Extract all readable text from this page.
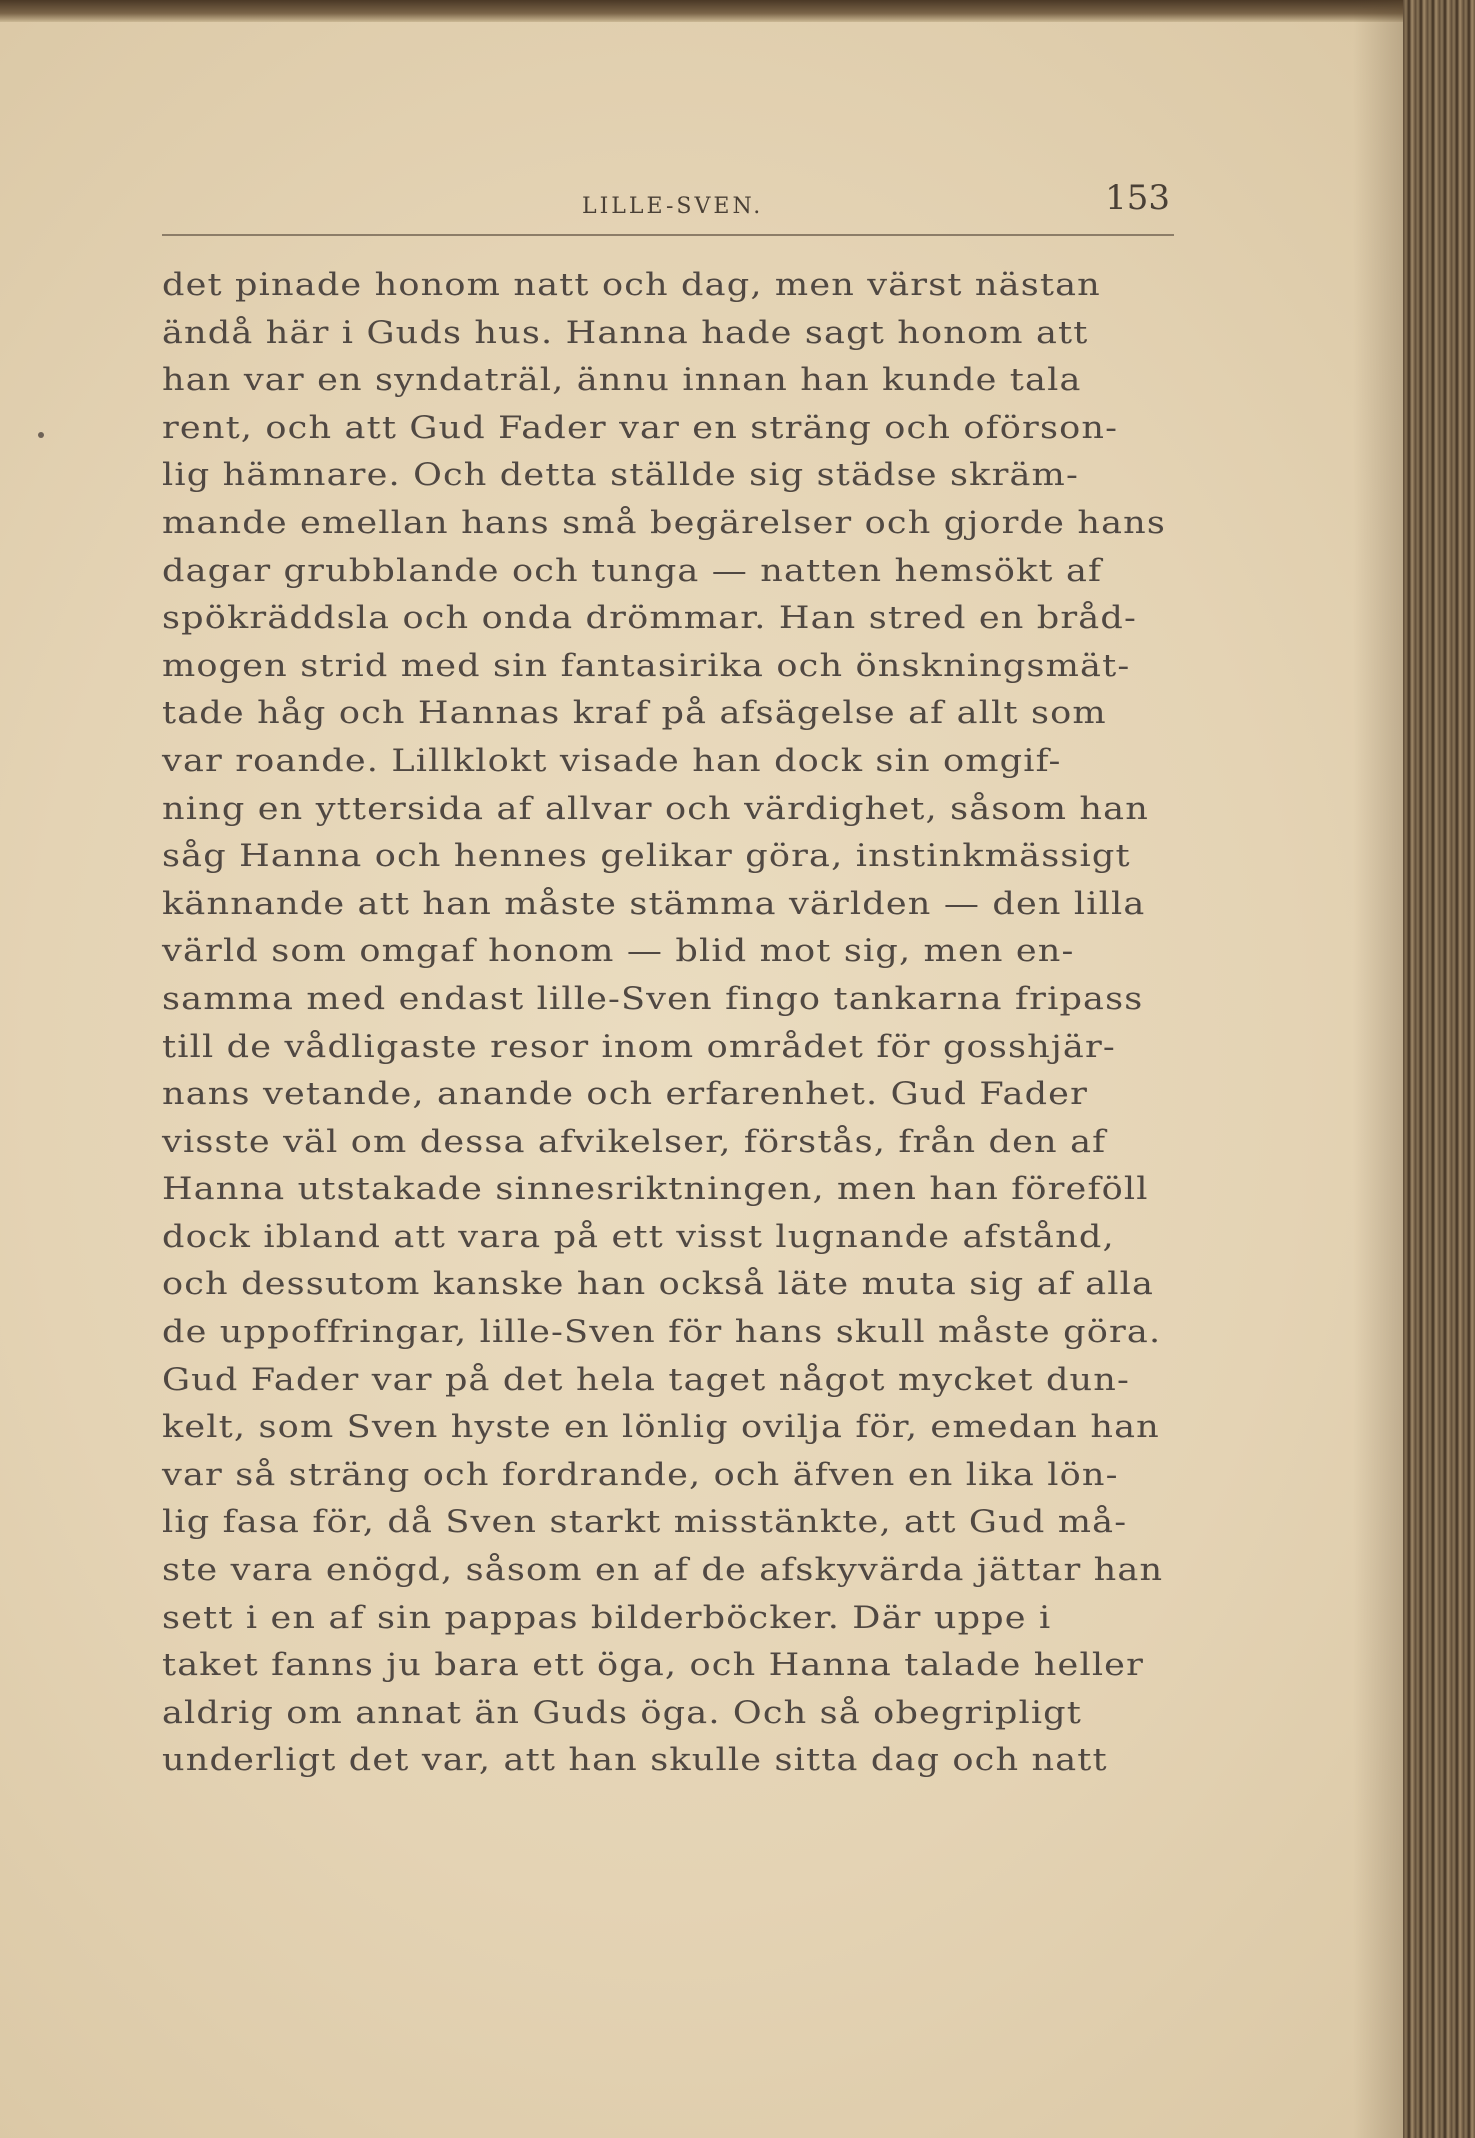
LILLE-SVEN.	153
det pinade honom natt och dag, men värst nästan
ändå här i Guds hus. Hanna hade sagt honom att
han var en syndaträl, ännu innan han kunde tala
rent, och att Gud Fader var en sträng och oförson-
lig hämnare. Och detta ställde sig städse skräm-
mande emellan hans små begärelser och gjorde hans
dagar grubblande och tunga — natten hemsökt af
spökräddsla och onda drömmar. Han stred en bråd-
mogen strid med sin fantasirika och önskningsmät-
tade håg och Hannas kraf på afsägelse af allt som
var roande. Lillklokt visade han dock sin omgif-
ning en yttersida af allvar och värdighet, såsom han
såg Hanna och hennes gelikar göra, instinkmässigt
kännande att han måste stämma världen — den lilla
värld som omgaf honom — blid mot sig, men en-
samma med endast lille-Sven fingo tankarna fripass
till de vådligaste resor inom området för gosshjär-
nans vetande, anande och erfarenhet. Gud Fader
visste väl om dessa afvikelser, förstås, från den af
Hanna utstakade sinnesriktningen, men han föreföll
dock ibland att vara på ett visst lugnande afstånd,
och dessutom kanske han också läte muta sig af alla
de uppoffringar, lille-Sven för hans skull måste göra.
Gud Fader var på det hela taget något mycket dun-
kelt, som Sven hyste en lönlig ovilja för, emedan han
var så sträng och fordrande, och äfven en lika lön-
lig fasa för, då Sven starkt misstänkte, att Gud må-
ste vara enögd, såsom en af de afskyvärda jättar han
sett i en af sin pappas bilderböcker. Där uppe i
taket fanns ju bara ett öga, och Hanna talade heller
aldrig om annat än Guds öga. Och så obegripligt
underligt det var, att han skulle sitta dag och natt
